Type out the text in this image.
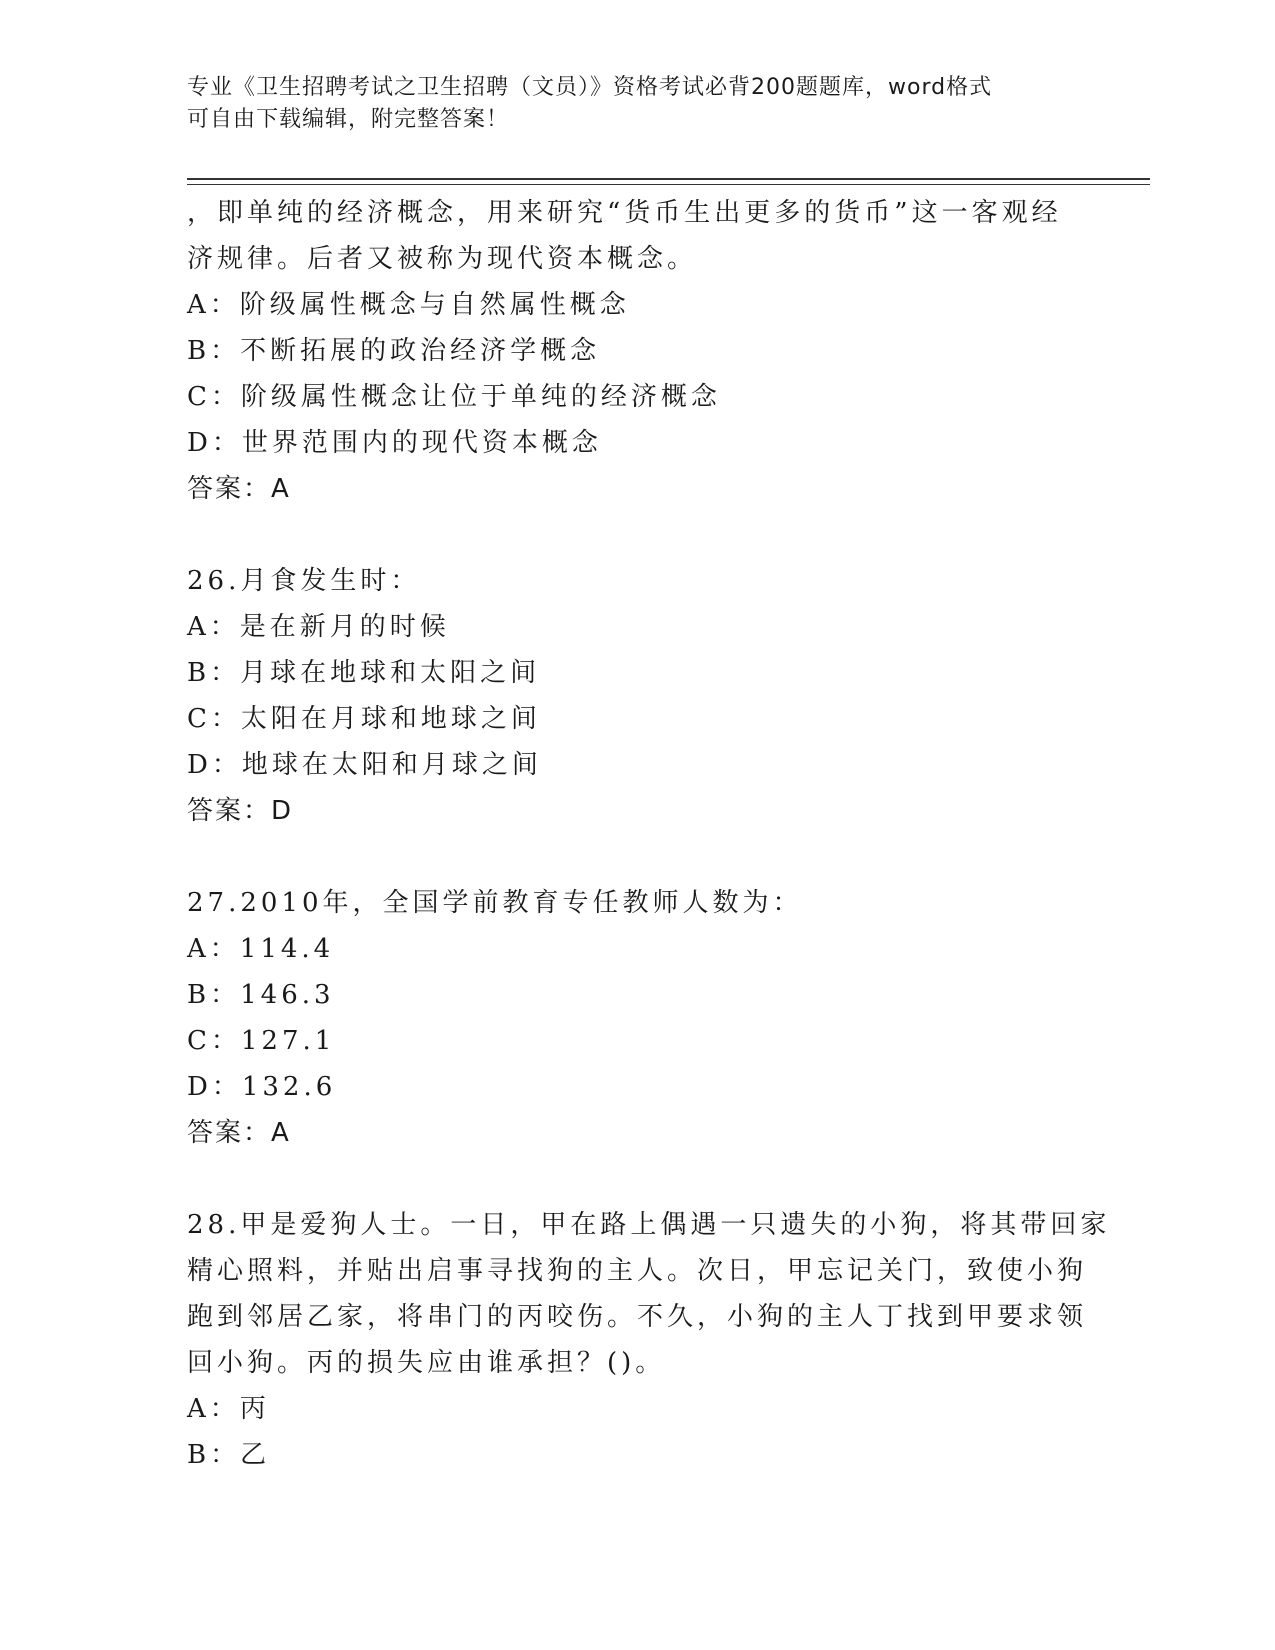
专业《卫生招聘考试之卫生招聘（文员）》资格考试必背200题题库，word格式
可自由下载编辑，附完整答案！
，即单纯的经济概念，用来研究“货币生出更多的货币”这一客观经
济规律。后者又被称为现代资本概念。
A：阶级属性概念与自然属性概念
B：不断拓展的政治经济学概念
C：阶级属性概念让位于单纯的经济概念
D：世界范围内的现代资本概念
答案：A
26.月食发生时：
A：是在新月的时候
B：月球在地球和太阳之间
C：太阳在月球和地球之间
D：地球在太阳和月球之间
答案：D
27.2010年，全国学前教育专任教师人数为：
A：114.4
B：146.3
C：127.1
D：132.6
答案：A
28.甲是爱狗人士。一日，甲在路上偶遇一只遗失的小狗，将其带回家
精心照料，并贴出启事寻找狗的主人。次日，甲忘记关门，致使小狗
跑到邻居乙家，将串门的丙咬伤。不久，小狗的主人丁找到甲要求领
回小狗。丙的损失应由谁承担？()。
A：丙
B：乙
